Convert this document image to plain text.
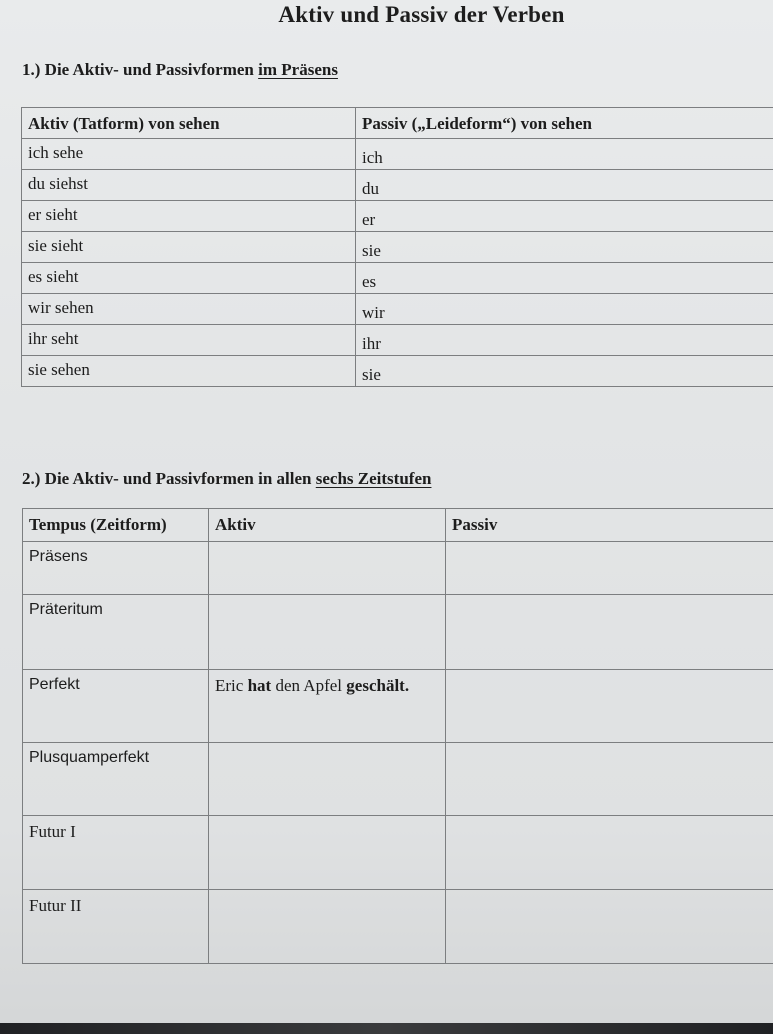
Aktiv und Passiv der Verben
1.) Die Aktiv- und Passivformen im Präsens
Aktiv (Tatform) von sehen	Passiv („Leideform“) von sehen
ich sehe	ich
du siehst	du
er sieht	er
sie sieht	sie
es sieht	es
wir sehen	wir
ihr seht	ihr
sie sehen	sie
2.) Die Aktiv- und Passivformen in allen sechs Zeitstufen
Tempus (Zeitform)	Aktiv	Passiv
Präsens		
Präteritum		
Perfekt	Eric hat den Apfel geschält.	
Plusquamperfekt		
Futur I		
Futur II		
